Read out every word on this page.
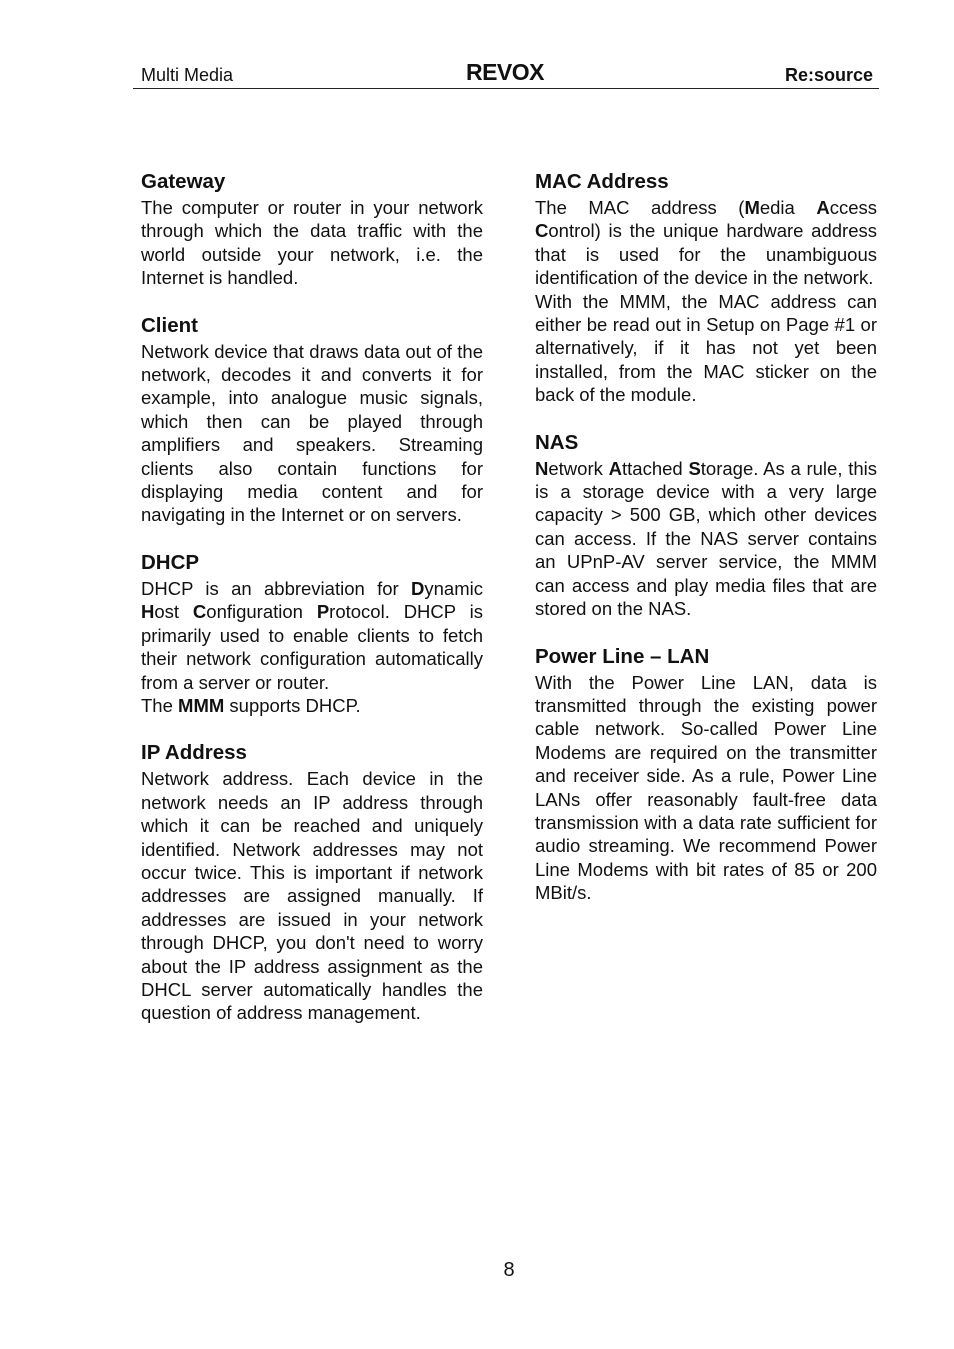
Multi Media	REVOX	Re:source
Gateway

The computer or router in your network through which the data traffic with the world outside your network, i.e. the Internet is handled.

Client

Network device that draws data out of the network, decodes it and converts it for example, into analogue music signals, which then can be played through amplifiers and speakers. Streaming clients also contain functions for displaying media content and for navigating in the Internet or on servers.

DHCP

DHCP is an abbreviation for Dynamic Host Configuration Protocol. DHCP is primarily used to enable clients to fetch their network configuration automatically from a server or router.

The MMM supports DHCP.

IP Address

Network address. Each device in the network needs an IP address through which it can be reached and uniquely identified. Network addresses may not occur twice. This is important if network addresses are assigned manually. If addresses are issued in your network through DHCP, you don't need to worry about the IP address assignment as the DHCL server automatically handles the question of address management.

MAC Address

The MAC address (Media Access Control) is the unique hardware address that is used for the unambiguous identification of the device in the network.

With the MMM, the MAC address can either be read out in Setup on Page #1 or alternatively, if it has not yet been installed, from the MAC sticker on the back of the module.

NAS

Network Attached Storage. As a rule, this is a storage device with a very large capacity > 500 GB, which other devices can access. If the NAS server contains an UPnP-AV server service, the MMM can access and play media files that are stored on the NAS.

Power Line – LAN

With the Power Line LAN, data is transmitted through the existing power cable network. So-called Power Line Modems are required on the transmitter and receiver side. As a rule, Power Line LANs offer reasonably fault-free data transmission with a data rate sufficient for audio streaming. We recommend Power Line Modems with bit rates of 85 or 200 MBit/s.

8
